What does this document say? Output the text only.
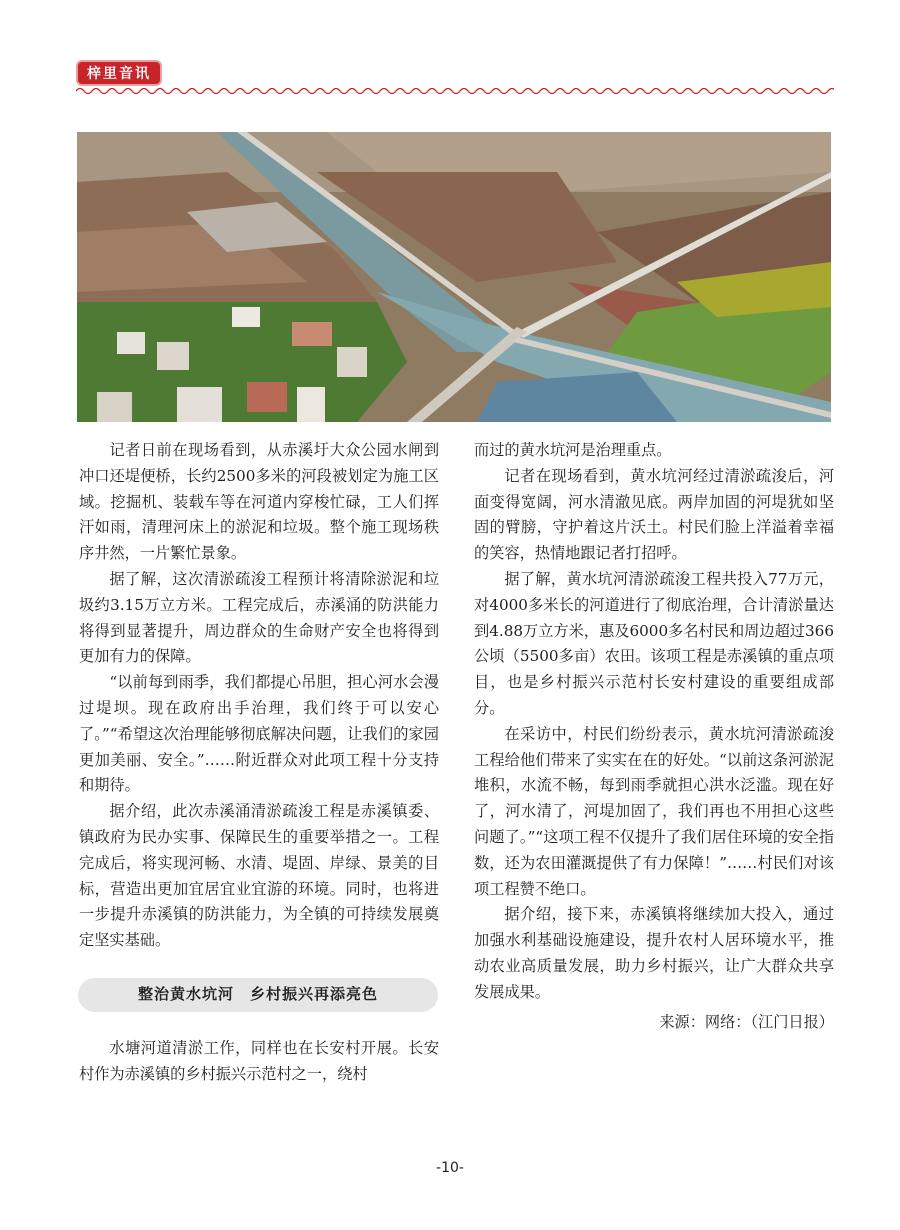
梓里音讯

记者日前在现场看到，从赤溪圩大众公园水闸到冲口还堤便桥，长约2500多米的河段被划定为施工区域。挖掘机、装载车等在河道内穿梭忙碌，工人们挥汗如雨，清理河床上的淤泥和垃圾。整个施工现场秩序井然，一片繁忙景象。

据了解，这次清淤疏浚工程预计将清除淤泥和垃圾约3.15万立方米。工程完成后，赤溪涌的防洪能力将得到显著提升，周边群众的生命财产安全也将得到更加有力的保障。

“以前每到雨季，我们都提心吊胆，担心河水会漫过堤坝。现在政府出手治理，我们终于可以安心了。”“希望这次治理能够彻底解决问题，让我们的家园更加美丽、安全。”……附近群众对此项工程十分支持和期待。

据介绍，此次赤溪涌清淤疏浚工程是赤溪镇委、镇政府为民办实事、保障民生的重要举措之一。工程完成后，将实现河畅、水清、堤固、岸绿、景美的目标，营造出更加宜居宜业宜游的环境。同时，也将进一步提升赤溪镇的防洪能力，为全镇的可持续发展奠定坚实基础。

整治黄水坑河　乡村振兴再添亮色

水塘河道清淤工作，同样也在长安村开展。长安村作为赤溪镇的乡村振兴示范村之一，绕村

而过的黄水坑河是治理重点。

记者在现场看到，黄水坑河经过清淤疏浚后，河面变得宽阔，河水清澈见底。两岸加固的河堤犹如坚固的臂膀，守护着这片沃土。村民们脸上洋溢着幸福的笑容，热情地跟记者打招呼。

据了解，黄水坑河清淤疏浚工程共投入77万元，对4000多米长的河道进行了彻底治理，合计清淤量达到4.88万立方米，惠及6000多名村民和周边超过366公顷（5500多亩）农田。该项工程是赤溪镇的重点项目，也是乡村振兴示范村长安村建设的重要组成部分。

在采访中，村民们纷纷表示，黄水坑河清淤疏浚工程给他们带来了实实在在的好处。“以前这条河淤泥堆积，水流不畅，每到雨季就担心洪水泛滥。现在好了，河水清了，河堤加固了，我们再也不用担心这些问题了。”“这项工程不仅提升了我们居住环境的安全指数，还为农田灌溉提供了有力保障！”……村民们对该项工程赞不绝口。

据介绍，接下来，赤溪镇将继续加大投入，通过加强水利基础设施建设，提升农村人居环境水平，推动农业高质量发展，助力乡村振兴，让广大群众共享发展成果。

来源：网络：（江门日报）
-10-
